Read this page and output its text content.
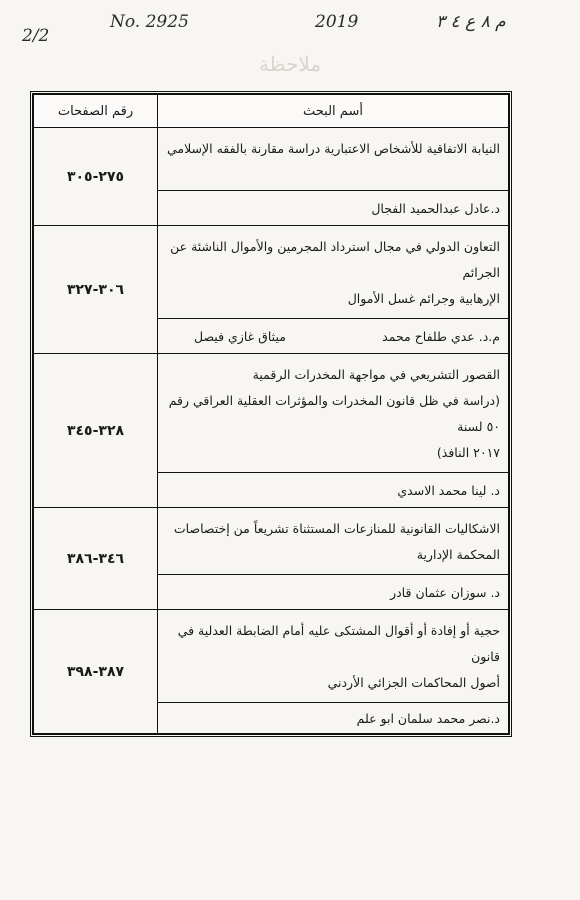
2/2
No. 2925	2019	م ٨ ع ٤ ٣
ملاحظة
أسم البحث	رقم الصفحات

النيابة الاتفاقية للأشخاص الاعتبارية دراسة مقارنة بالفقه الإسلامي	٢٧٥-٣٠٥
د.عادل عبدالحميد الفجال	

التعاون الدولي في مجال استرداد المجرمين والأموال الناشئة عن الجرائم
الإرهابية وجرائم غسل الأموال	٣٠٦-٣٢٧

م.د. عدي طلفاح محمد
ميثاق غازي فيصل	

القصور التشريعي في مواجهة المخدرات الرقمية
(دراسة في ظل قانون المخدرات والمؤثرات العقلية العراقي رقم ٥٠ لسنة
٢٠١٧ النافذ)	٣٢٨-٣٤٥
د. لينا محمد الاسدي	

الاشكاليات القانونية للمنازعات المستثناة تشريعاً من إختصاصات
المحكمة الإدارية	٣٤٦-٣٨٦
د. سوزان عثمان قادر	

حجية أو إفادة أو أقوال المشتكى عليه أمام الضابطة العدلية في قانون
أصول المحاكمات الجزائي الأردني	٣٨٧-٣٩٨
د.نصر محمد سلمان ابو علم	
